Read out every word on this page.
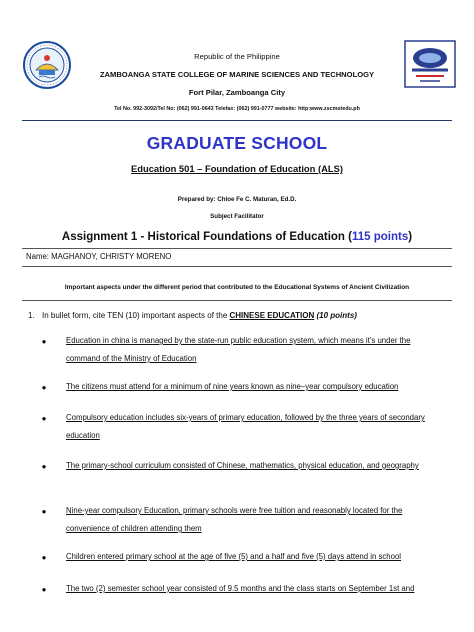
Republic of the Philippine
ZAMBOANGA STATE COLLEGE OF MARINE SCIENCES AND TECHNOLOGY
Fort Pilar, Zamboanga City
Tel No. 992-3092/Tel No: (062) 991-0643 Telefax: (062) 991-0777 website: http:www.zscmstedu.ph
GRADUATE SCHOOL
Education 501 – Foundation of Education (ALS)
Prepared by: Chloe Fe C. Maturan, Ed.D.
Subject Facilitator
Assignment 1 - Historical Foundations of Education (115 points)
Name: MAGHANOY, CHRISTY MORENO
Important aspects under the different period that contributed to the Educational Systems of Ancient Civilization
1. In bullet form, cite TEN (10) important aspects of the CHINESE EDUCATION (10 points)
●	Education in china is managed by the state-run public education system, which means it’s under the command of the Ministry of Education
●	The citizens must attend for a minimum of nine years known as nine–year compulsory education
●	Compulsory education includes six-years of primary education, followed by the three years of secondary education
●	The primary-school curriculum consisted of Chinese, mathematics, physical education, and geography
●	Nine-year compulsory Education, primary schools were free tuition and reasonably located for the convenience of children attending them
●	Children entered primary school at the age of five (5) and a half and five (5) days attend in school
●	The two (2) semester school year consisted of 9.5 months and the class starts on September 1st and
